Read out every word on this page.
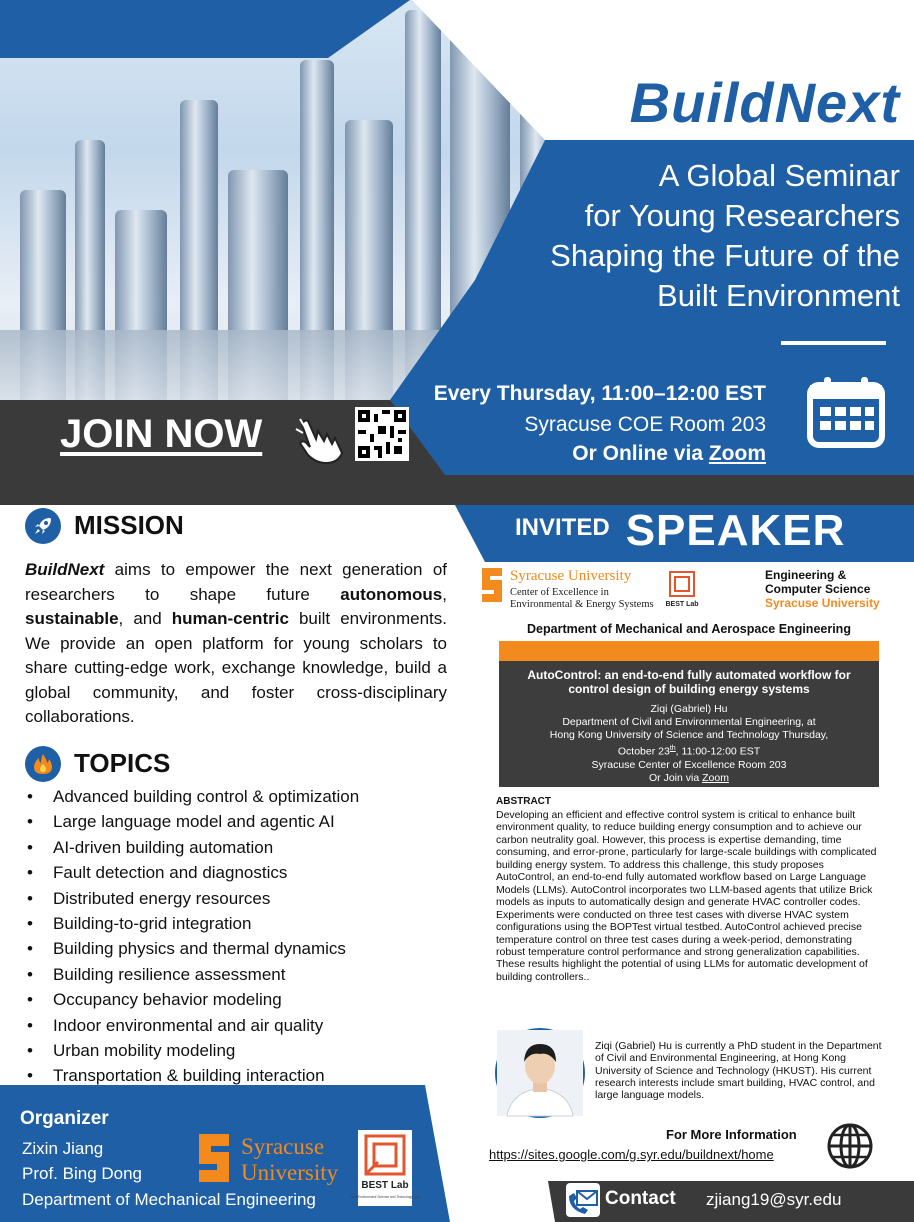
BuildNext
A Global Seminar
for Young Researchers
Shaping the Future of the
Built Environment
Every Thursday, 11:00–12:00 EST
Syracuse COE Room 203
Or Online via Zoom
JOIN NOW
MISSION
BuildNext aims to empower the next generation of researchers to shape future autonomous, sustainable, and human-centric built environments. We provide an open platform for young scholars to share cutting-edge work, exchange knowledge, build a global community, and foster cross-disciplinary collaborations.
TOPICS
• Advanced building control & optimization
• Large language model and agentic AI
• AI-driven building automation
• Fault detection and diagnostics
• Distributed energy resources
• Building-to-grid integration
• Building physics and thermal dynamics
• Building resilience assessment
• Occupancy behavior modeling
• Indoor environmental and air quality
• Urban mobility modeling
• Transportation & building interaction
Organizer
Zixin Jiang
Prof. Bing Dong
Department of Mechanical Engineering
Syracuse
University
BEST Lab
Built Environment Science and Technology Lab
INVITED SPEAKER
Syracuse University
Center of Excellence in
Environmental & Energy Systems BEST Lab
Engineering &
Computer Science
Syracuse University
Department of Mechanical and Aerospace Engineering
AutoControl: an end-to-end fully automated workflow for control design of building energy systems
Ziqi (Gabriel) Hu
Department of Civil and Environmental Engineering, at
Hong Kong University of Science and Technology Thursday,
October 23th, 11:00-12:00 EST
Syracuse Center of Excellence Room 203
Or Join via Zoom
ABSTRACT
Developing an efficient and effective control system is critical to enhance built environment quality, to reduce building energy consumption and to achieve our carbon neutrality goal. However, this process is expertise demanding, time consuming, and error-prone, particularly for large-scale buildings with complicated building energy system. To address this challenge, this study proposes AutoControl, an end-to-end fully automated workflow based on Large Language Models (LLMs). AutoControl incorporates two LLM-based agents that utilize Brick models as inputs to automatically design and generate HVAC controller codes. Experiments were conducted on three test cases with diverse HVAC system configurations using the BOPTest virtual testbed. AutoControl achieved precise temperature control on three test cases during a week-period, demonstrating robust temperature control performance and strong generalization capabilities. These results highlight the potential of using LLMs for automatic development of building controllers..
Ziqi (Gabriel) Hu is currently a PhD student in the Department of Civil and Environmental Engineering, at Hong Kong University of Science and Technology (HKUST). His current research interests include smart building, HVAC control, and large language models.
For More Information
https://sites.google.com/g.syr.edu/buildnext/home
Contact zjiang19@syr.edu
